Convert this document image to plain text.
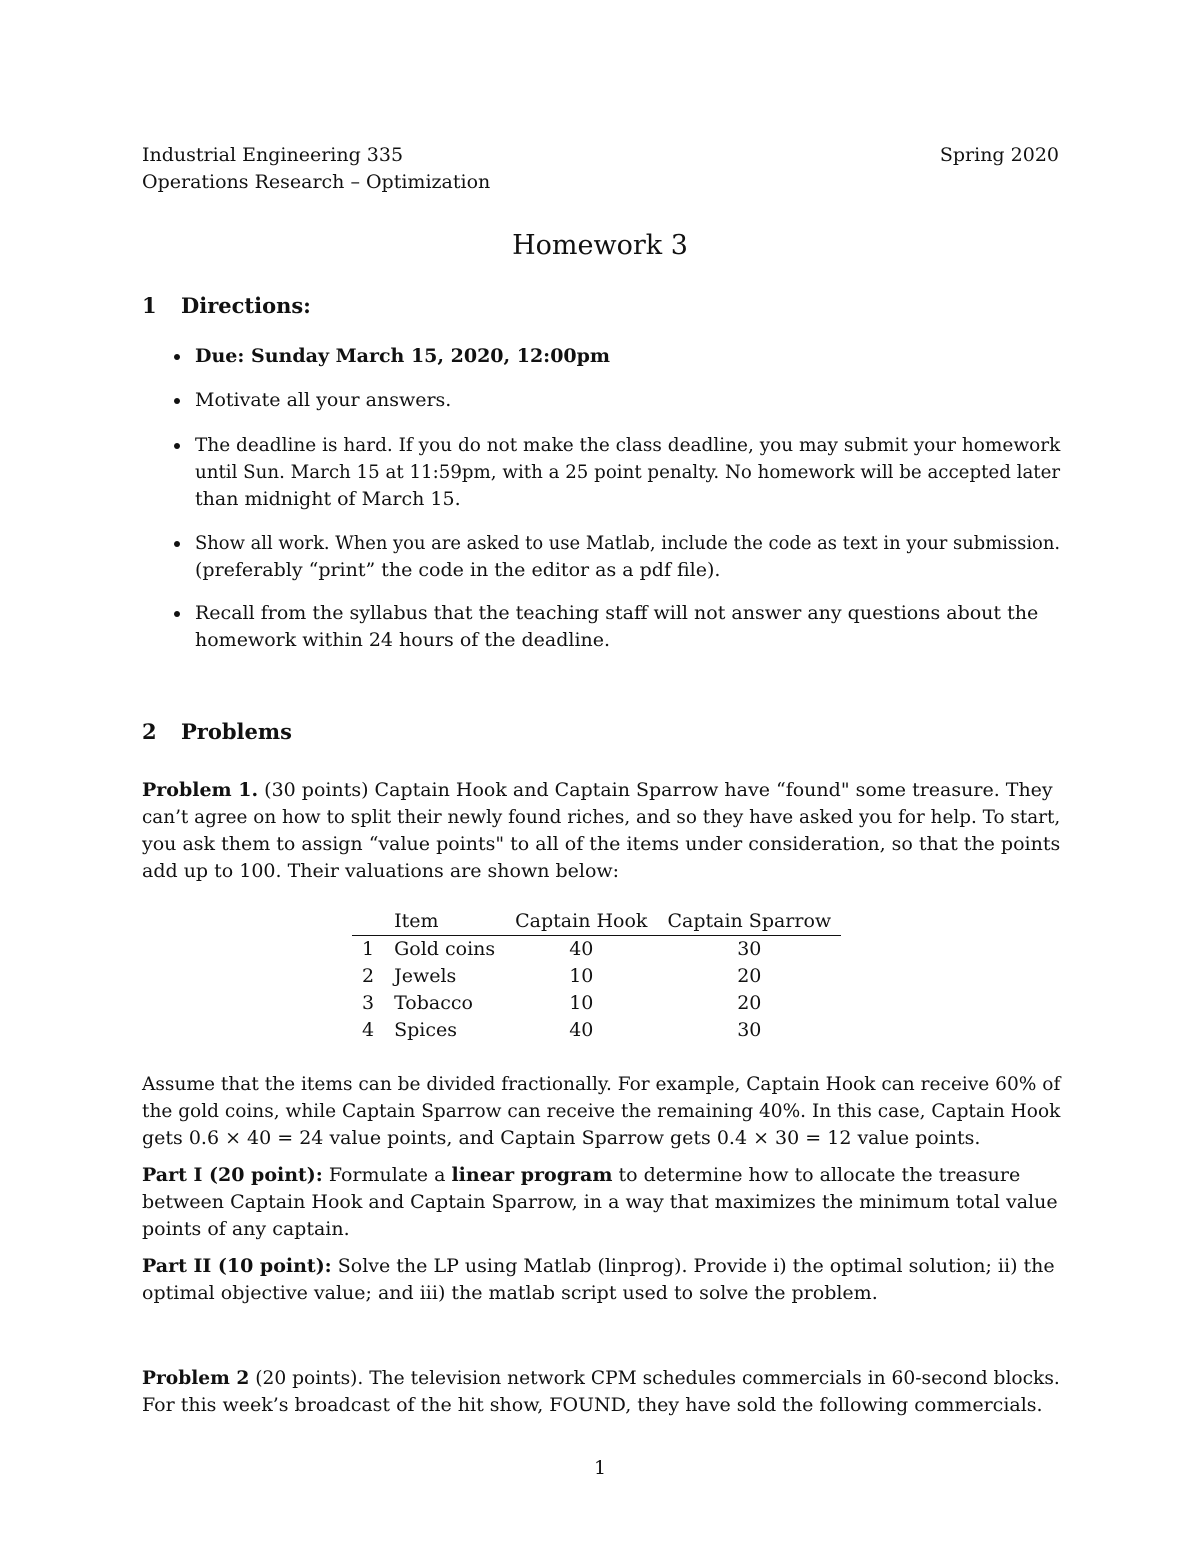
Industrial Engineering 335	Spring 2020
Operations Research – Optimization
Homework 3
1 Directions:
Due: Sunday March 15, 2020, 12:00pm
Motivate all your answers.
The deadline is hard. If you do not make the class deadline, you may submit your homework
until Sun. March 15 at 11:59pm, with a 25 point penalty. No homework will be accepted later
than midnight of March 15.
Show all work. When you are asked to use Matlab, include the code as text in your submission.
(preferably “print” the code in the editor as a pdf file).
Recall from the syllabus that the teaching staff will not answer any questions about the
homework within 24 hours of the deadline.
2 Problems
Problem 1. (30 points) Captain Hook and Captain Sparrow have “found" some treasure. They
can’t agree on how to split their newly found riches, and so they have asked you for help. To start,
you ask them to assign “value points" to all of the items under consideration, so that the points
add up to 100. Their valuations are shown below:
	Item	Captain Hook	Captain Sparrow
1	Gold coins	40	30
2	Jewels	10	20
3	Tobacco	10	20
4	Spices	40	30
Assume that the items can be divided fractionally. For example, Captain Hook can receive 60% of
the gold coins, while Captain Sparrow can receive the remaining 40%. In this case, Captain Hook
gets 0.6 × 40 = 24 value points, and Captain Sparrow gets 0.4 × 30 = 12 value points.
Part I (20 point): Formulate a linear program to determine how to allocate the treasure
between Captain Hook and Captain Sparrow, in a way that maximizes the minimum total value
points of any captain.
Part II (10 point): Solve the LP using Matlab (linprog). Provide i) the optimal solution; ii) the
optimal objective value; and iii) the matlab script used to solve the problem.
Problem 2 (20 points). The television network CPM schedules commercials in 60-second blocks.
For this week’s broadcast of the hit show, FOUND, they have sold the following commercials.
1
